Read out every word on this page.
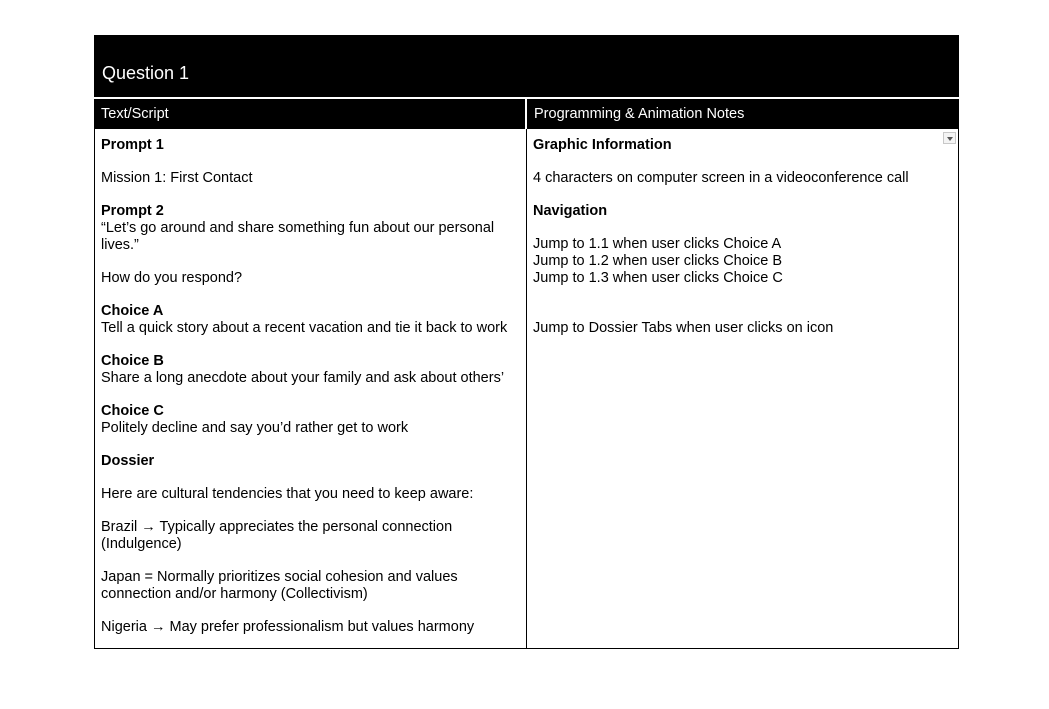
Question 1
Text/Script	Programming & Animation Notes

Prompt 1

Mission 1: First Contact

Prompt 2
“Let’s go around and share something fun about our personal lives.”

How do you respond?

Choice A
Tell a quick story about a recent vacation and tie it back to work

Choice B
Share a long anecdote about your family and ask about others’

Choice C
Politely decline and say you’d rather get to work

Dossier

Here are cultural tendencies that you need to keep aware:

Brazil → Typically appreciates the personal connection (Indulgence)

Japan = Normally prioritizes social cohesion and values connection and/or harmony (Collectivism)

Nigeria → May prefer professionalism but values harmony

Graphic Information

4 characters on computer screen in a videoconference call

Navigation

Jump to 1.1 when user clicks Choice A
Jump to 1.2 when user clicks Choice B
Jump to 1.3 when user clicks Choice C

Jump to Dossier Tabs when user clicks on icon
